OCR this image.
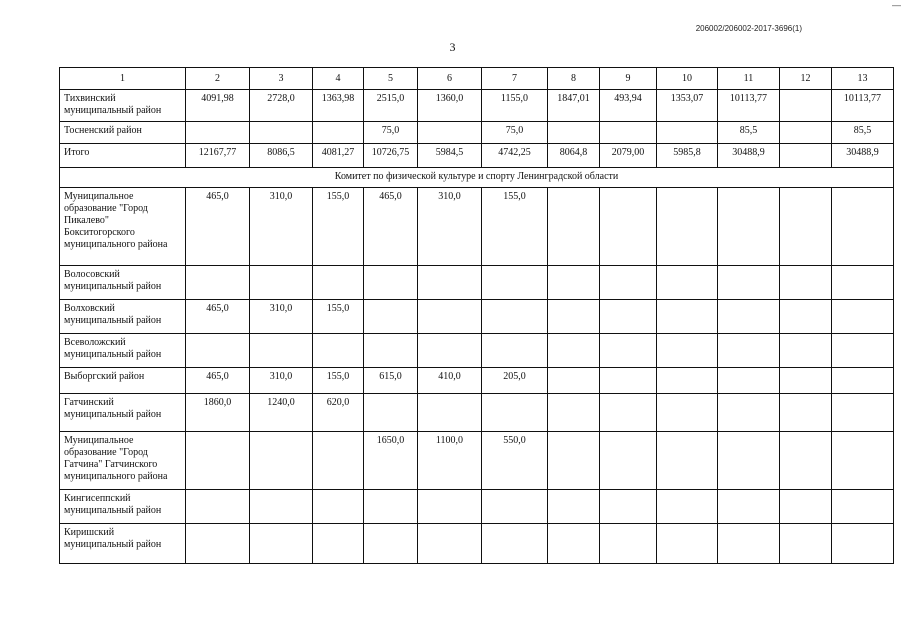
—
206002/206002-2017-3696(1)
3
1	2	3	4	5	6	7	8	9	10	11	12	13
Тихвинский муниципальный район	4091,98	2728,0	1363,98	2515,0	1360,0	1155,0	1847,01	493,94	1353,07	10113,77		10113,77
Тосненский район				75,0		75,0				85,5		85,5
Итого	12167,77	8086,5	4081,27	10726,75	5984,5	4742,25	8064,8	2079,00	5985,8	30488,9		30488,9
Комитет по физической культуре и спорту Ленинградской области												
Муниципальное образование "Город Пикалево" Бокситогорского муниципального района	465,0	310,0	155,0	465,0	310,0	155,0						
Волосовский муниципальный район												
Волховский муниципальный район	465,0	310,0	155,0									
Всеволожский муниципальный район												
Выборгский район	465,0	310,0	155,0	615,0	410,0	205,0						
Гатчинский муниципальный район	1860,0	1240,0	620,0									
Муниципальное образование "Город Гатчина" Гатчинского муниципального района				1650,0	1100,0	550,0						
Кингисеппский муниципальный район												
Киришский муниципальный район												
